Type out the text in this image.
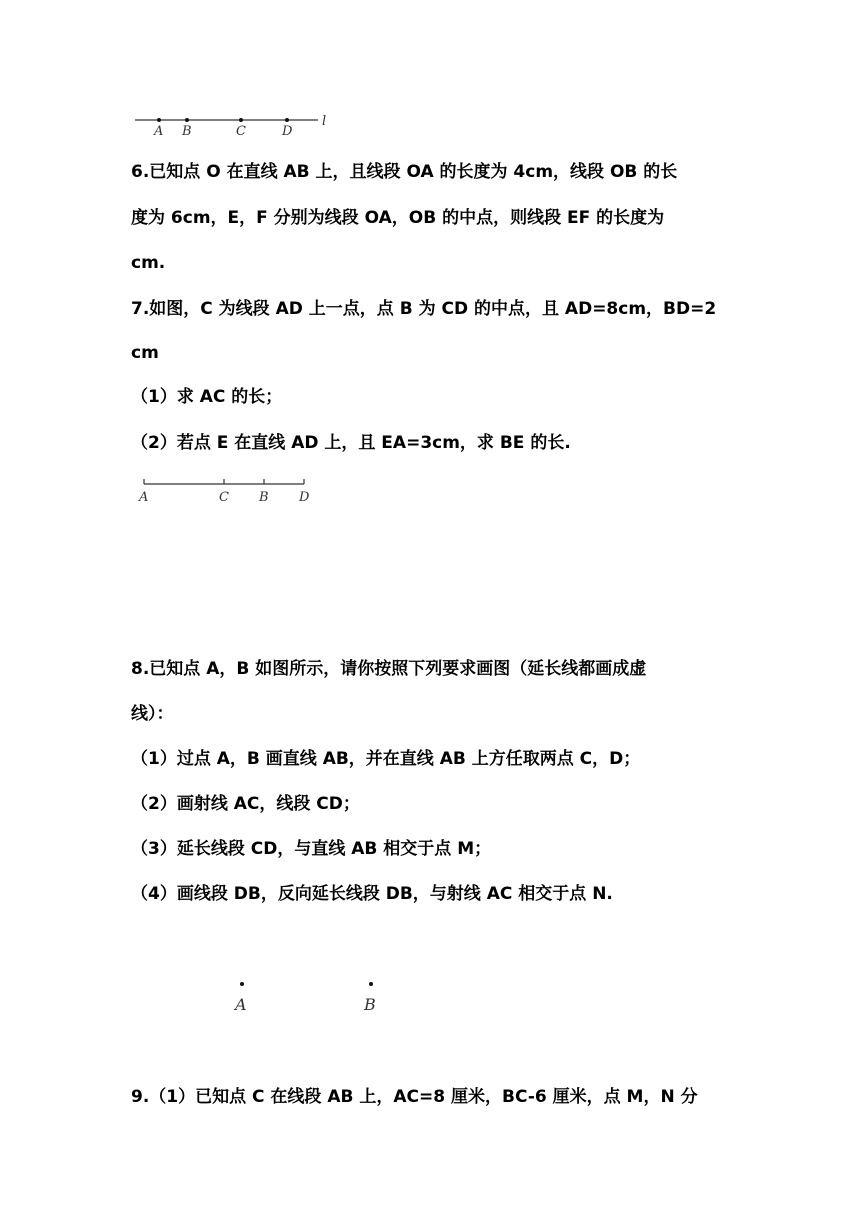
A B	C	D
l
6.已知点 O 在直线 AB 上，且线段 OA 的长度为 4cm，线段 OB 的长
度为 6cm，E，F 分别为线段 OA，OB 的中点，则线段 EF 的长度为
cm.
7.如图，C 为线段 AD 上一点，点 B 为 CD 的中点，且 AD=8cm，BD=2
cm
（1）求 AC 的长；
（2）若点 E 在直线 AD 上，且 EA=3cm，求 BE 的长.
A	C B D
8.已知点 A，B 如图所示，请你按照下列要求画图（延长线都画成虚
线）：
（1）过点 A，B 画直线 AB，并在直线 AB 上方任取两点 C，D；
（2）画射线 AC，线段 CD；
（3）延长线段 CD，与直线 AB 相交于点 M；
（4）画线段 DB，反向延长线段 DB，与射线 AC 相交于点 N.
A	B
9.（1）已知点 C 在线段 AB 上，AC=8 厘米，BC-6 厘米，点 M，N 分
